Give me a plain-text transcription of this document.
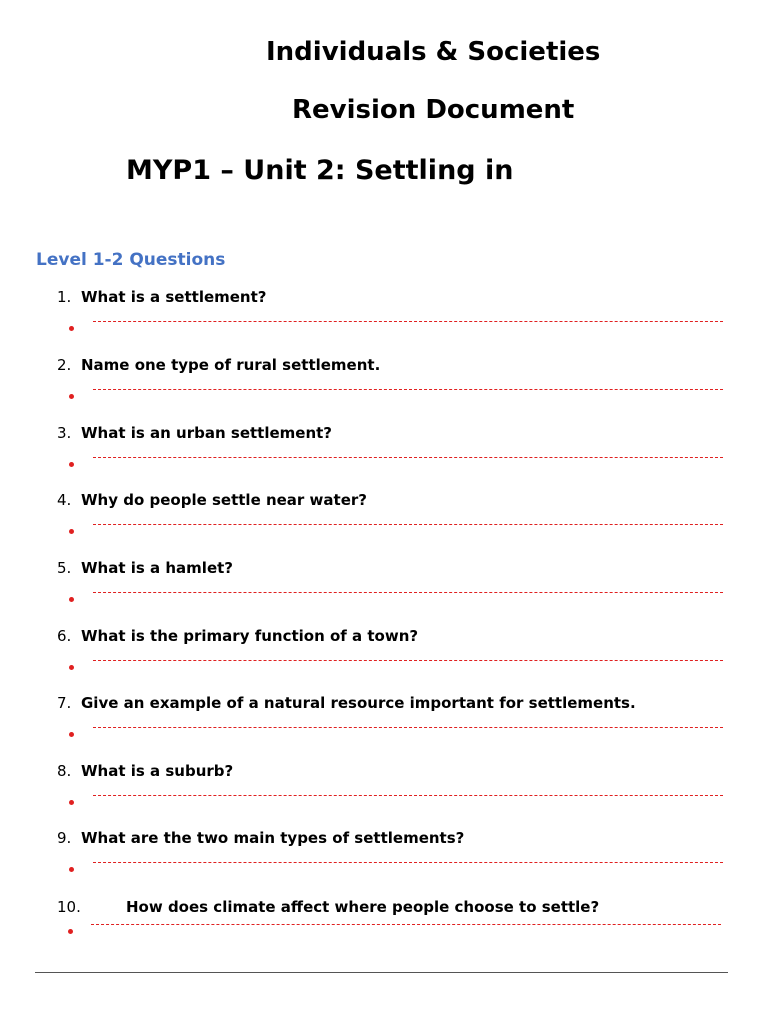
Individuals & Societies
Revision Document
MYP1 – Unit 2: Settling in
Level 1-2 Questions
1. What is a settlement?
2. Name one type of rural settlement.
3. What is an urban settlement?
4. Why do people settle near water?
5. What is a hamlet?
6. What is the primary function of a town?
7. Give an example of a natural resource important for settlements.
8. What is a suburb?
9. What are the two main types of settlements?
10.	How does climate affect where people choose to settle?
